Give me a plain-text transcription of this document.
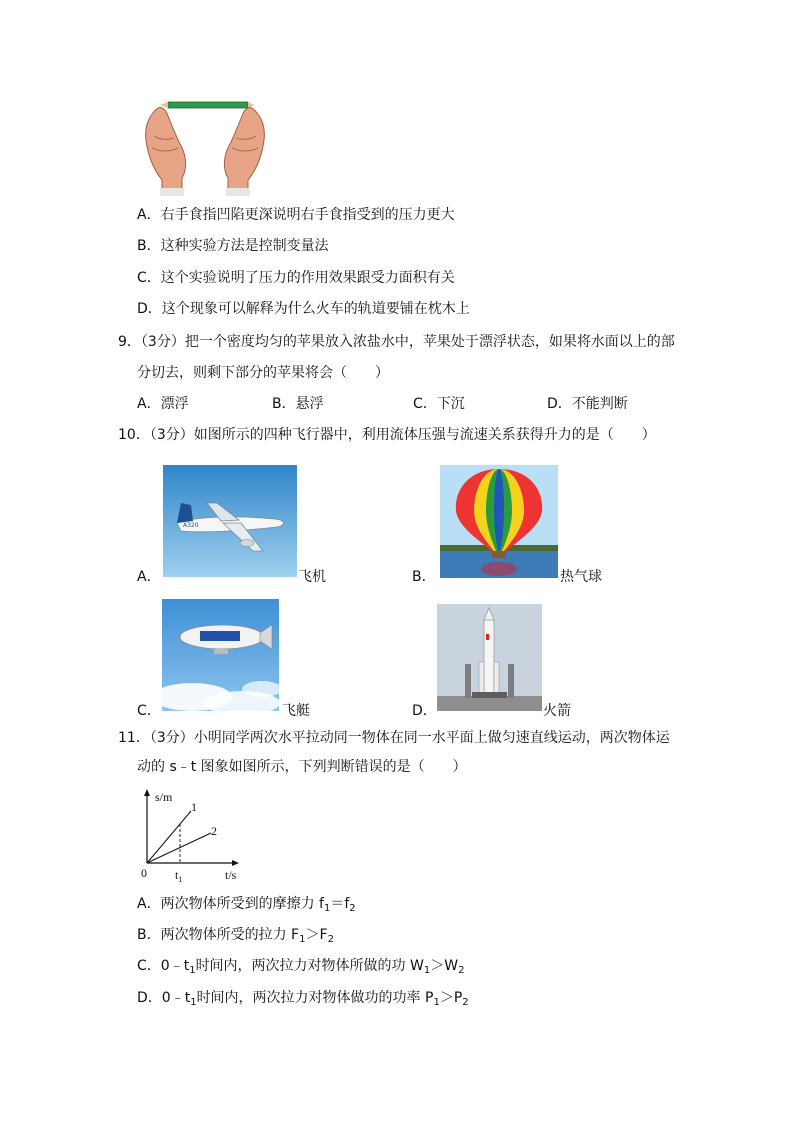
A．右手食指凹陷更深说明右手食指受到的压力更大
B．这种实验方法是控制变量法
C．这个实验说明了压力的作用效果跟受力面积有关
D．这个现象可以解释为什么火车的轨道要铺在枕木上
9．（3分）把一个密度均匀的苹果放入浓盐水中，苹果处于漂浮状态，如果将水面以上的部
分切去，则剩下部分的苹果将会（　　）
A．漂浮	B．悬浮	C．下沉	D．不能判断
10．（3分）如图所示的四种飞行器中，利用流体压强与流速关系获得升力的是（　　）
A320
A．	飞机	B．	热气球
C．	飞艇	D．	火箭
11．（3分）小明同学两次水平拉动同一物体在同一水平面上做匀速直线运动，两次物体运
动的 s﹣t 图象如图所示，下列判断错误的是（　　）
s/m
t/s
0 $t_1$
1
2
A．两次物体所受到的摩擦力 $f_1=f_2$
B．两次物体所受的拉力 $F_1>F_2$
C．$0﹣t_1$时间内，两次拉力对物体所做的功 $W_1>W_2$
D．$0﹣t_1$时间内，两次拉力对物体做功的功率 $P_1>P_2$
